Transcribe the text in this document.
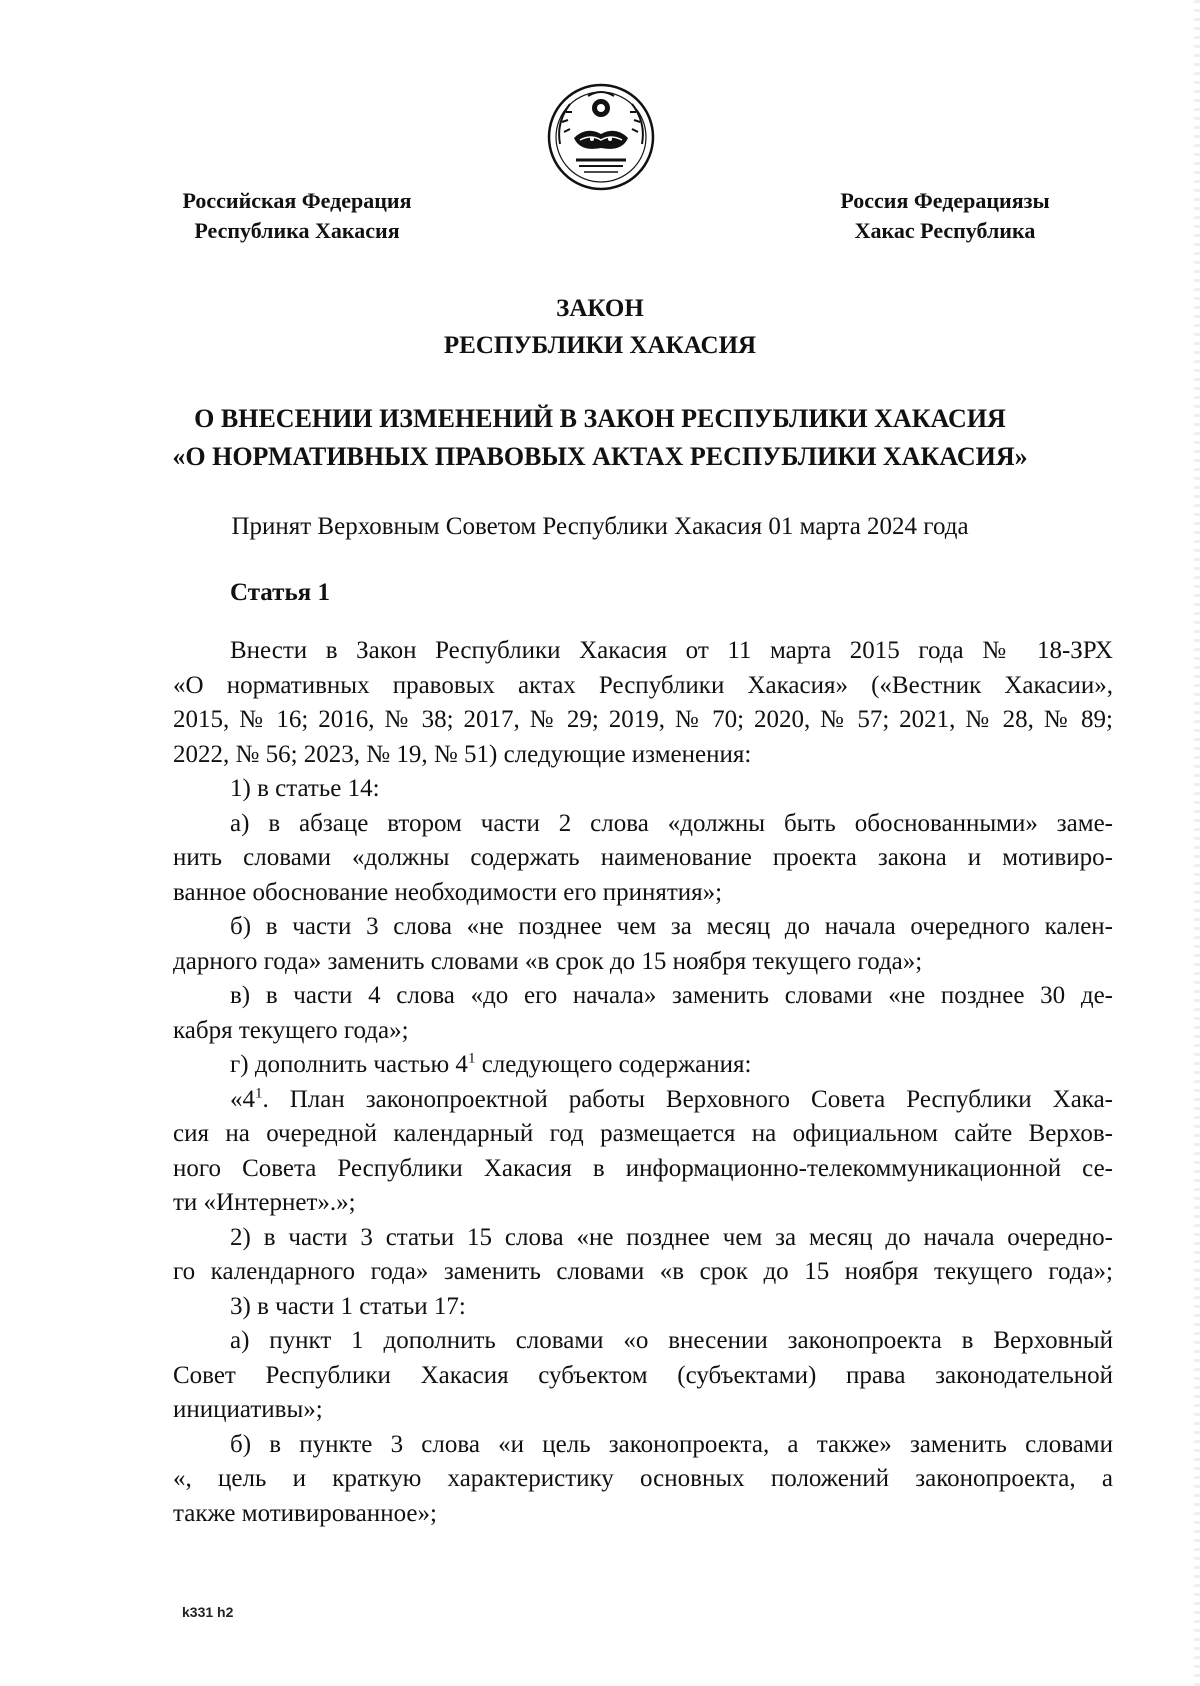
Российская Федерация
Республика Хакасия
Россия Федерациязы
Хакас Республика
ЗАКОН
РЕСПУБЛИКИ ХАКАСИЯ
О ВНЕСЕНИИ ИЗМЕНЕНИЙ В ЗАКОН РЕСПУБЛИКИ ХАКАСИЯ
«О НОРМАТИВНЫХ ПРАВОВЫХ АКТАХ РЕСПУБЛИКИ ХАКАСИЯ»
Принят Верховным Советом Республики Хакасия 01 марта 2024 года
Статья 1
Внести в Закон Республики Хакасия от 11 марта 2015 года № 18-ЗРХ
«О нормативных правовых актах Республики Хакасия» («Вестник Хакасии»,
2015, № 16; 2016, № 38; 2017, № 29; 2019, № 70; 2020, № 57; 2021, № 28, № 89;
2022, № 56; 2023, № 19, № 51) следующие изменения:
1) в статье 14:
а) в абзаце втором части 2 слова «должны быть обоснованными» заме-
нить словами «должны содержать наименование проекта закона и мотивиро-
ванное обоснование необходимости его принятия»;
б) в части 3 слова «не позднее чем за месяц до начала очередного кален-
дарного года» заменить словами «в срок до 15 ноября текущего года»;
в) в части 4 слова «до его начала» заменить словами «не позднее 30 де-
кабря текущего года»;
г) дополнить частью $4^1$ следующего содержания:
«$4^1$. План законопроектной работы Верховного Совета Республики Хака-
сия на очередной календарный год размещается на официальном сайте Верхов-
ного Совета Республики Хакасия в информационно-телекоммуникационной се-
ти «Интернет».»;
2) в части 3 статьи 15 слова «не позднее чем за месяц до начала очередно-
го календарного года» заменить словами «в срок до 15 ноября текущего года»;
3) в части 1 статьи 17:
а) пункт 1 дополнить словами «о внесении законопроекта в Верховный
Совет Республики Хакасия субъектом (субъектами) права законодательной
инициативы»;
б) в пункте 3 слова «и цель законопроекта, а также» заменить словами
«, цель и краткую характеристику основных положений законопроекта, а
также мотивированное»;
k331 h2
